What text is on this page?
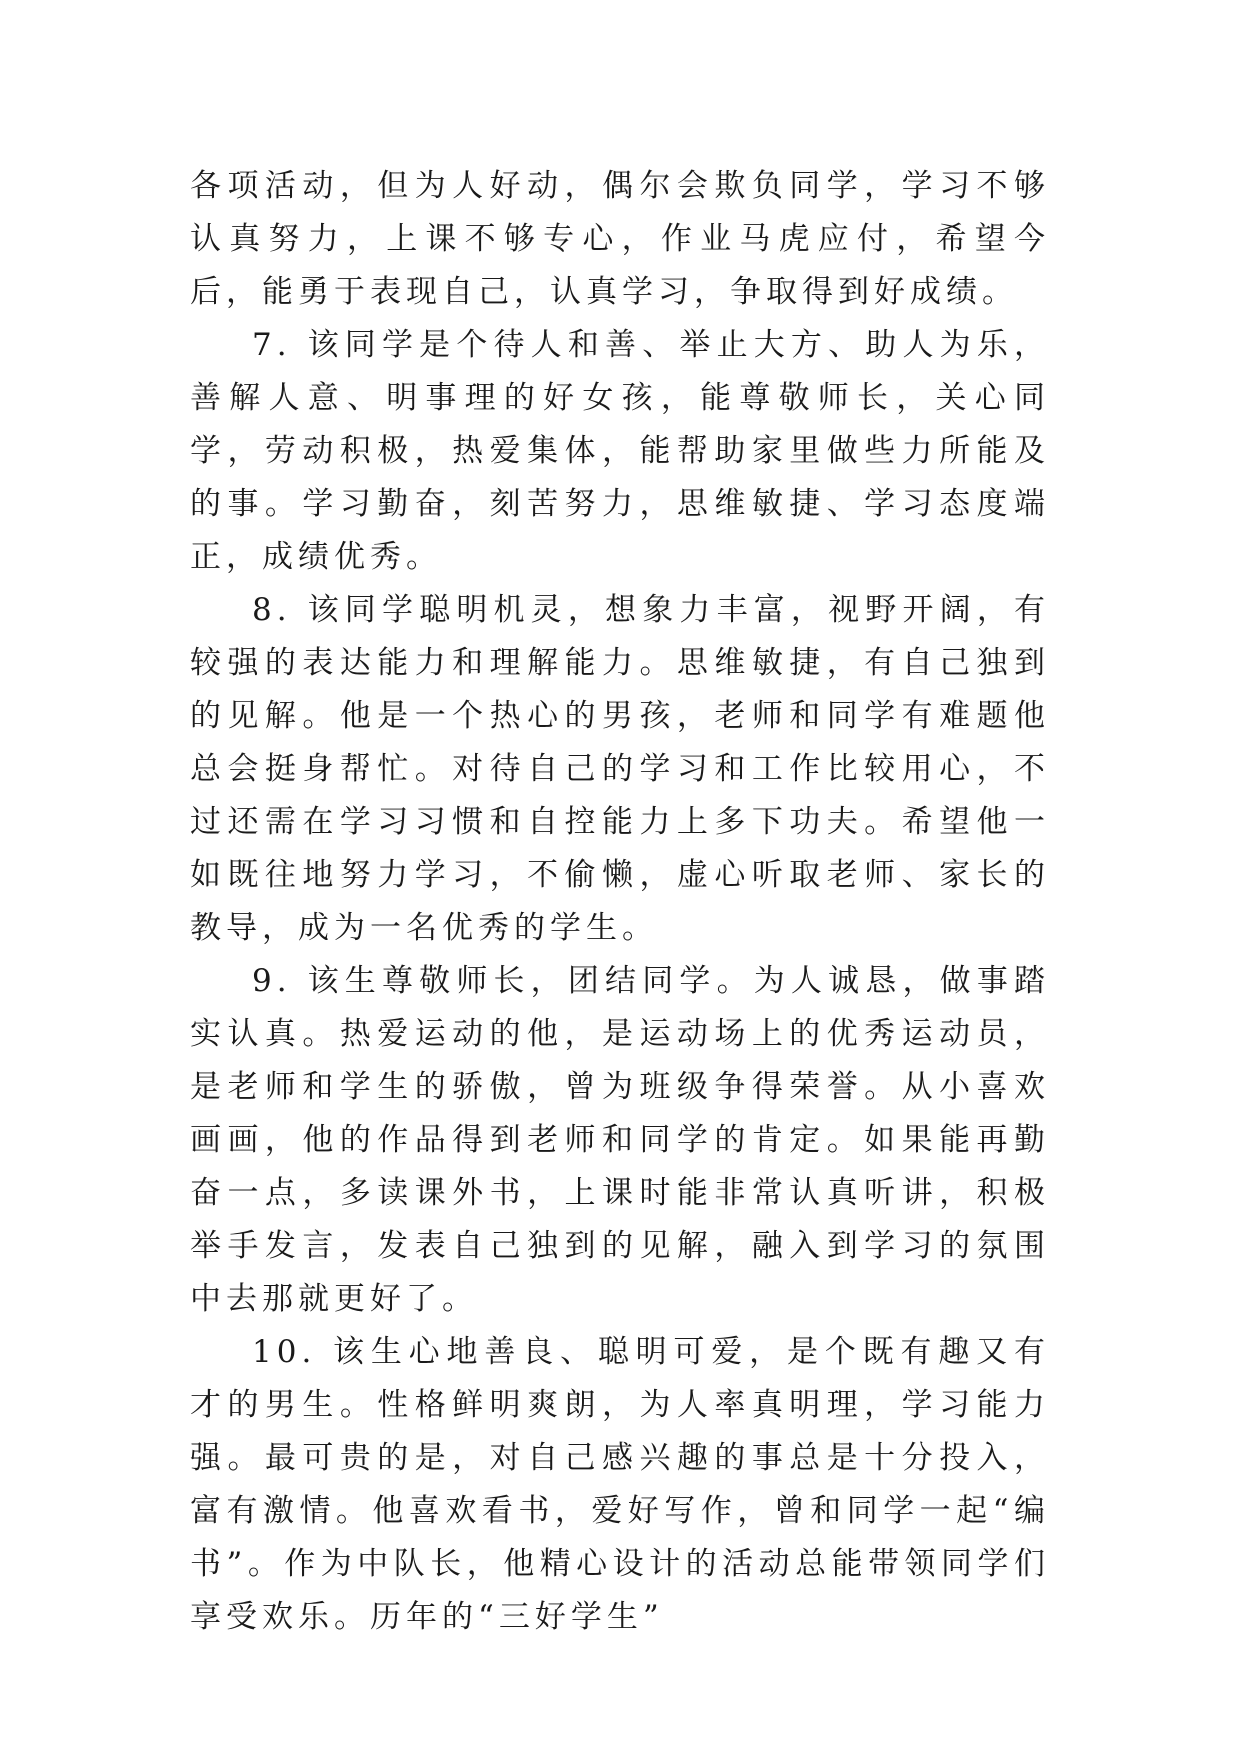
各项活动，但为人好动，偶尔会欺负同学，学习不够认真努力，上课不够专心，作业马虎应付，希望今后，能勇于表现自己，认真学习，争取得到好成绩。

7. 该同学是个待人和善、举止大方、助人为乐，善解人意、明事理的好女孩，能尊敬师长，关心同学，劳动积极，热爱集体，能帮助家里做些力所能及的事。学习勤奋，刻苦努力，思维敏捷、学习态度端正，成绩优秀。

8. 该同学聪明机灵，想象力丰富，视野开阔，有较强的表达能力和理解能力。思维敏捷，有自己独到的见解。他是一个热心的男孩，老师和同学有难题他总会挺身帮忙。对待自己的学习和工作比较用心，不过还需在学习习惯和自控能力上多下功夫。希望他一如既往地努力学习，不偷懒，虚心听取老师、家长的教导，成为一名优秀的学生。

9. 该生尊敬师长，团结同学。为人诚恳，做事踏实认真。热爱运动的他，是运动场上的优秀运动员，是老师和学生的骄傲，曾为班级争得荣誉。从小喜欢画画，他的作品得到老师和同学的肯定。如果能再勤奋一点，多读课外书，上课时能非常认真听讲，积极举手发言，发表自己独到的见解，融入到学习的氛围中去那就更好了。

10. 该生心地善良、聪明可爱，是个既有趣又有才的男生。性格鲜明爽朗，为人率真明理，学习能力强。最可贵的是，对自己感兴趣的事总是十分投入，富有激情。他喜欢看书，爱好写作，曾和同学一起“编书”。作为中队长，他精心设计的活动总能带领同学们享受欢乐。历年的“三好学生”
